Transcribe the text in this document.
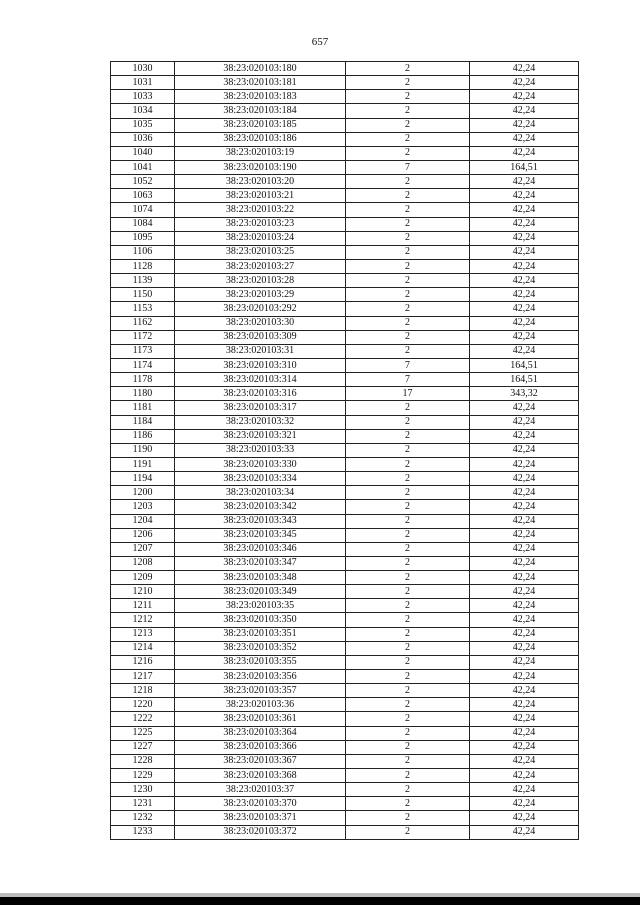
657
1030	38:23:020103:180	2	42,24
1031	38:23:020103:181	2	42,24
1033	38:23:020103:183	2	42,24
1034	38:23:020103:184	2	42,24
1035	38:23:020103:185	2	42,24
1036	38:23:020103:186	2	42,24
1040	38:23:020103:19	2	42,24
1041	38:23:020103:190	7	164,51
1052	38:23:020103:20	2	42,24
1063	38:23:020103:21	2	42,24
1074	38:23:020103:22	2	42,24
1084	38:23:020103:23	2	42,24
1095	38:23:020103:24	2	42,24
1106	38:23:020103:25	2	42,24
1128	38:23:020103:27	2	42,24
1139	38:23:020103:28	2	42,24
1150	38:23:020103:29	2	42,24
1153	38:23:020103:292	2	42,24
1162	38:23:020103:30	2	42,24
1172	38:23:020103:309	2	42,24
1173	38:23:020103:31	2	42,24
1174	38:23:020103:310	7	164,51
1178	38:23:020103:314	7	164,51
1180	38:23:020103:316	17	343,32
1181	38:23:020103:317	2	42,24
1184	38:23:020103:32	2	42,24
1186	38:23:020103:321	2	42,24
1190	38:23:020103:33	2	42,24
1191	38:23:020103:330	2	42,24
1194	38:23:020103:334	2	42,24
1200	38:23:020103:34	2	42,24
1203	38:23:020103:342	2	42,24
1204	38:23:020103:343	2	42,24
1206	38:23:020103:345	2	42,24
1207	38:23:020103:346	2	42,24
1208	38:23:020103:347	2	42,24
1209	38:23:020103:348	2	42,24
1210	38:23:020103:349	2	42,24
1211	38:23:020103:35	2	42,24
1212	38:23:020103:350	2	42,24
1213	38:23:020103:351	2	42,24
1214	38:23:020103:352	2	42,24
1216	38:23:020103:355	2	42,24
1217	38:23:020103:356	2	42,24
1218	38:23:020103:357	2	42,24
1220	38:23:020103:36	2	42,24
1222	38:23:020103:361	2	42,24
1225	38:23:020103:364	2	42,24
1227	38:23:020103:366	2	42,24
1228	38:23:020103:367	2	42,24
1229	38:23:020103:368	2	42,24
1230	38:23:020103:37	2	42,24
1231	38:23:020103:370	2	42,24
1232	38:23:020103:371	2	42,24
1233	38:23:020103:372	2	42,24
